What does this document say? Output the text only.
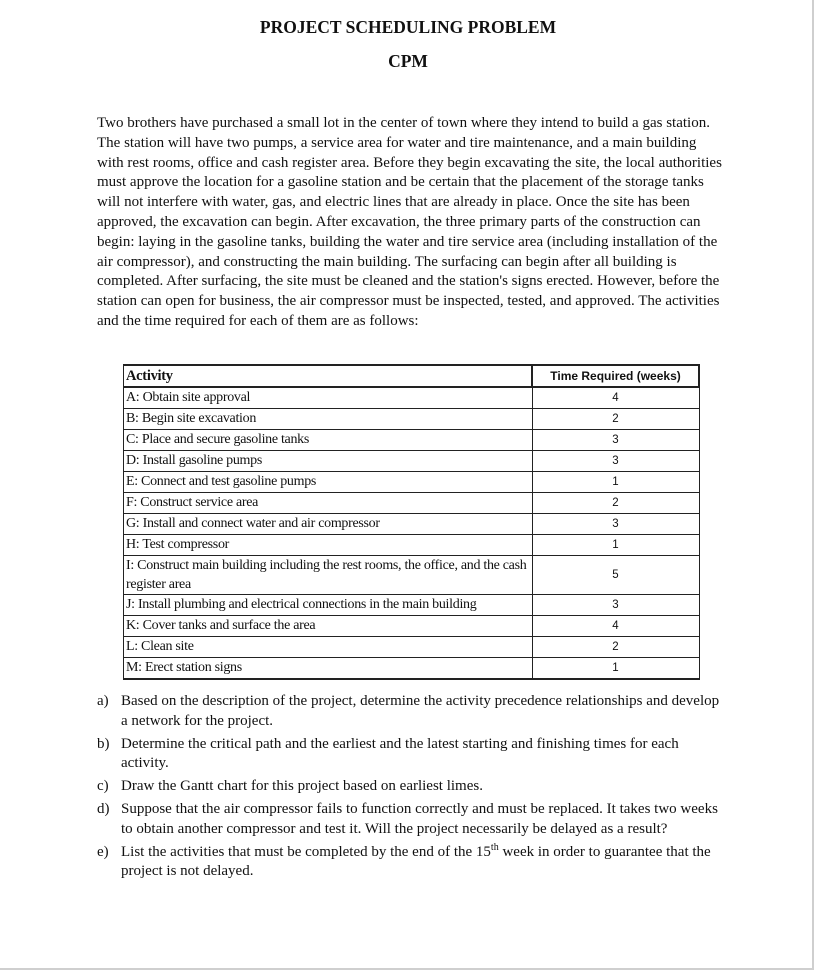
PROJECT SCHEDULING PROBLEM
CPM
Two brothers have purchased a small lot in the center of town where they intend to build a gas station. The station will have two pumps, a service area for water and tire maintenance, and a main building with rest rooms, office and cash register area. Before they begin excavating the site, the local authorities must approve the location for a gasoline station and be certain that the placement of the storage tanks will not interfere with water, gas, and electric lines that are already in place. Once the site has been approved, the excavation can begin. After excavation, the three primary parts of the construction can begin: laying in the gasoline tanks, building the water and tire service area (including installation of the air compressor), and constructing the main building. The surfacing can begin after all building is completed. After surfacing, the site must be cleaned and the station's signs erected. However, before the station can open for business, the air compressor must be inspected, tested, and approved. The activities and the time required for each of them are as follows:
Activity	Time Required (weeks)
A: Obtain site approval	4
B: Begin site excavation	2
C: Place and secure gasoline tanks	3
D: Install gasoline pumps	3
E: Connect and test gasoline pumps	1
F: Construct service area	2
G: Install and connect water and air compressor	3
H: Test compressor	1
I: Construct main building including the rest rooms, the office, and the cash register area	5
J: Install plumbing and electrical connections in the main building	3
K: Cover tanks and surface the area	4
L: Clean site	2
M: Erect station signs	1
a) Based on the description of the project, determine the activity precedence relationships and develop a network for the project.
b) Determine the critical path and the earliest and the latest starting and finishing times for each activity.
c) Draw the Gantt chart for this project based on earliest limes.
d) Suppose that the air compressor fails to function correctly and must be replaced. It takes two weeks to obtain another compressor and test it. Will the project necessarily be delayed as a result?
e) List the activities that must be completed by the end of the 15th week in order to guarantee that the project is not delayed.
